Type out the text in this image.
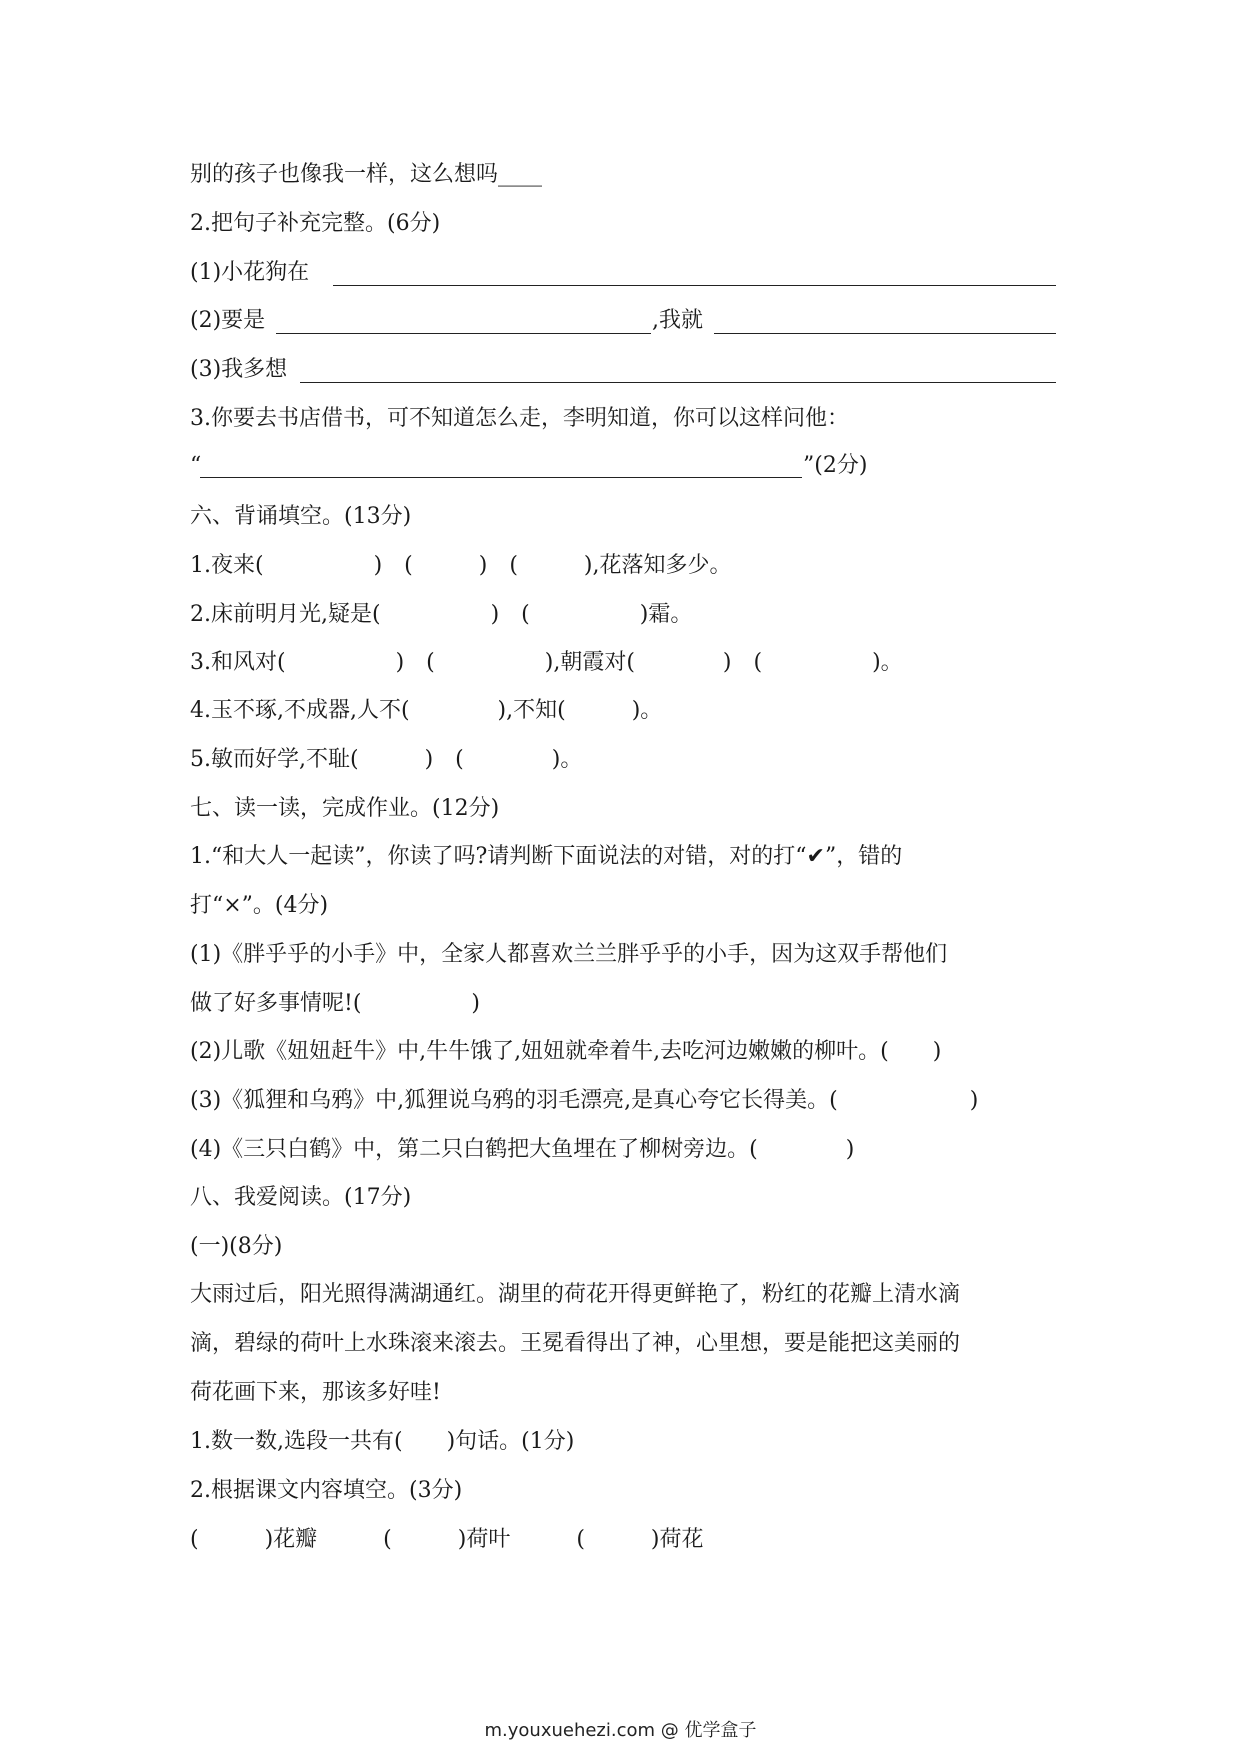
别的孩子也像我一样，这么想吗____
2.把句子补充完整。(6分)
(1)小花狗在
(2)要是	,我就
(3)我多想
3.你要去书店借书，可不知道怎么走，李明知道，你可以这样问他：
“	”(2分)
六、背诵填空。(13分)
1.夜来(　　　　　)　(　　　)　(　　　),花落知多少。
2.床前明月光,疑是(　　　　　)　(　　　　　)霜。
3.和风对(　　　　　)　(　　　　　),朝霞对(　　　　)　(　　　　　)。
4.玉不琢,不成器,人不(　　　　),不知(　　　)。
5.敏而好学,不耻(　　　)　(　　　　)。
七、读一读，完成作业。(12分)
1.“和大人一起读”，你读了吗?请判断下面说法的对错，对的打“✔”，错的
打“×”。(4分)
(1)《胖乎乎的小手》中，全家人都喜欢兰兰胖乎乎的小手，因为这双手帮他们
做了好多事情呢!(　　　　　)
(2)儿歌《妞妞赶牛》中,牛牛饿了,妞妞就牵着牛,去吃河边嫩嫩的柳叶。(　　)
(3)《狐狸和乌鸦》中,狐狸说乌鸦的羽毛漂亮,是真心夸它长得美。(　　　　　　)
(4)《三只白鹤》中，第二只白鹤把大鱼埋在了柳树旁边。(　　　　)
八、我爱阅读。(17分)
(一)(8分)
大雨过后，阳光照得满湖通红。湖里的荷花开得更鲜艳了，粉红的花瓣上清水滴
滴，碧绿的荷叶上水珠滚来滚去。王冕看得出了神，心里想，要是能把这美丽的
荷花画下来，那该多好哇!
1.数一数,选段一共有(　　)句话。(1分)
2.根据课文内容填空。(3分)
(　　　)花瓣　　　(　　　)荷叶　　　(　　　)荷花
m.youxuehezi.com @ 优学盒子
